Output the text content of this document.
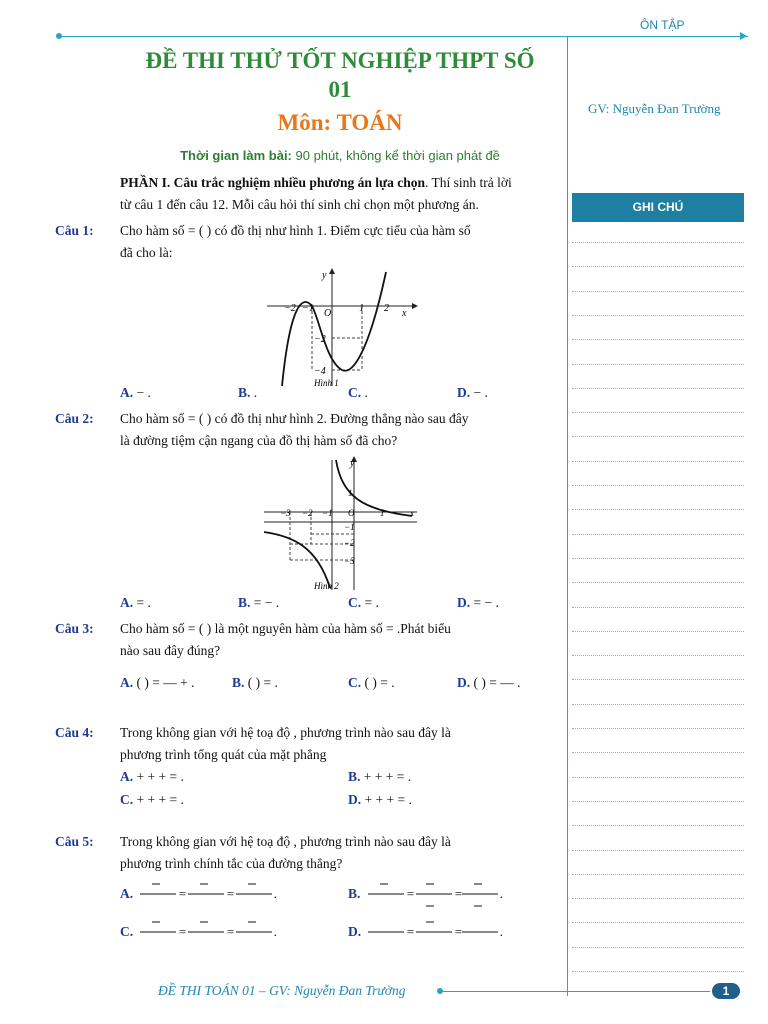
ÔN TẬP
GV: Nguyễn Đan Trường
GHI CHÚ
ĐỀ THI THỬ TỐT NGHIỆP THPT SỐ
01
Môn: TOÁN
Thời gian làm bài: 90 phút, không kể thời gian phát đề
PHẦN I. Câu trắc nghiệm nhiều phương án lựa chọn. Thí sinh trả lời
từ câu 1 đến câu 12. Mỗi câu hỏi thí sinh chỉ chọn một phương án.
Câu 1: Cho hàm số = ( ) có đồ thị như hình 1. Điểm cực tiểu của hàm số
đã cho là:
y
x
−2 −1 O	1 2
−2
−4
Hình 1
A. − .	B. .	C. .	D. − .
Câu 2: Cho hàm số = ( ) có đồ thị như hình 2. Đường thẳng nào sau đây
là đường tiệm cận ngang của đồ thị hàm số đã cho?
y
−3 −2 −1 O	1
1
−1
−2
−3
x
Hình 2
A. = .	B. = − .	C. = .	D. = − .
Câu 3: Cho hàm số = ( ) là một nguyên hàm của hàm số = .Phát biểu
nào sau đây đúng?
A. ( ) = — + .	B. ( ) = .	C. ( ) = .	D. ( ) = — .
Câu 4: Trong không gian với hệ toạ độ , phương trình nào sau đây là
phương trình tổng quát của mặt phẳng
A. + + + = .	B. + + + = .
C. + + + = .	D. + + + = .
Câu 5: Trong không gian với hệ toạ độ , phương trình nào sau đây là
phương trình chính tắc của đường thẳng?
A.	B.
C.	D.
=	=	.	=	=	.
=	=	.	=	=	.
ĐỀ THI TOÁN 01 – GV: Nguyễn Đan Trường	1
